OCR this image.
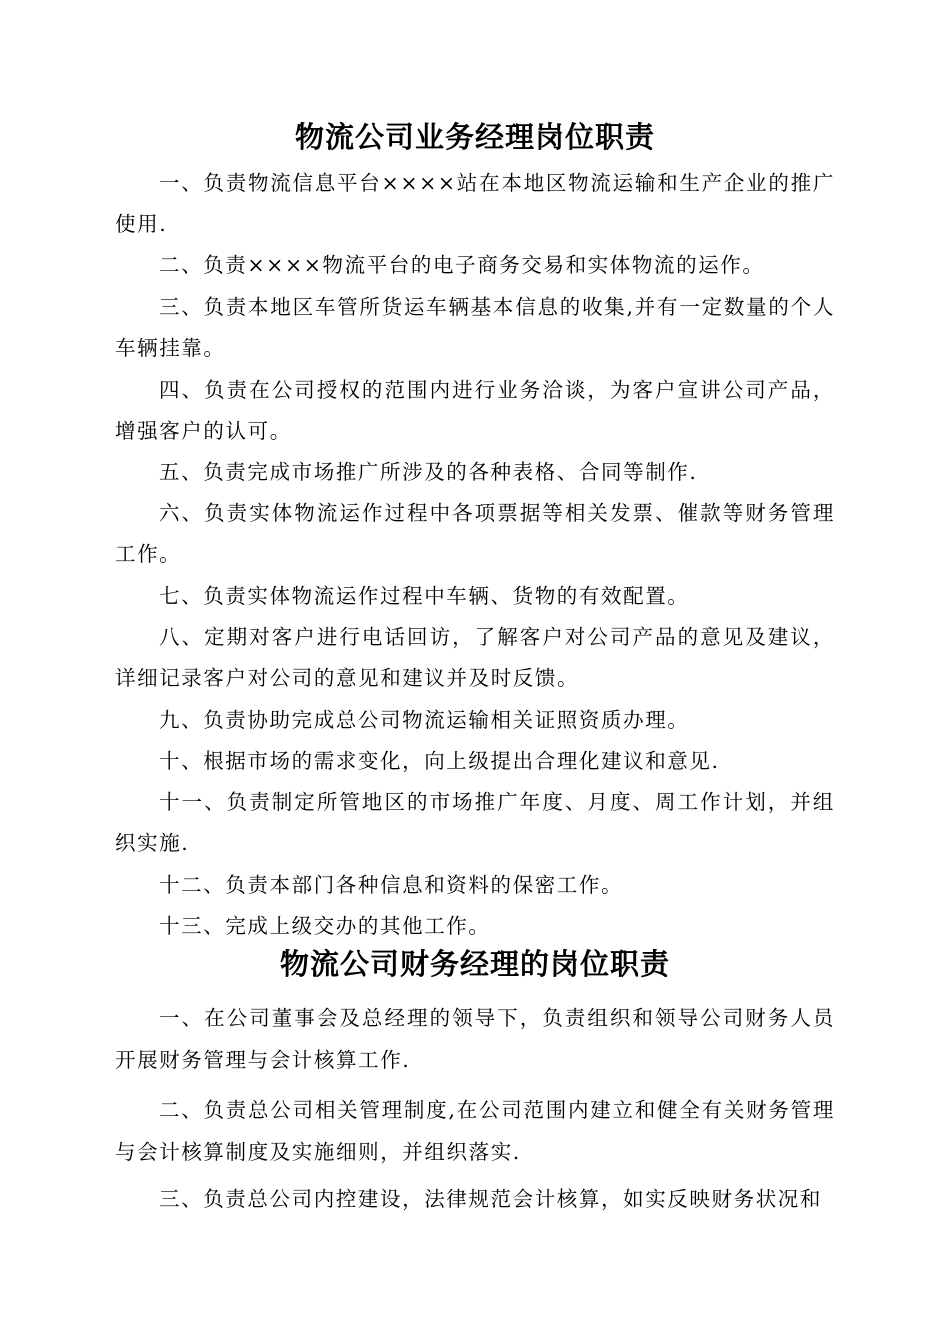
物流公司业务经理岗位职责

一、负责物流信息平台××××站在本地区物流运输和生产企业的推广使用.

二、负责××××物流平台的电子商务交易和实体物流的运作。

三、负责本地区车管所货运车辆基本信息的收集,并有一定数量的个人车辆挂靠。

四、负责在公司授权的范围内进行业务洽谈，为客户宣讲公司产品，增强客户的认可。

五、负责完成市场推广所涉及的各种表格、合同等制作.

六、负责实体物流运作过程中各项票据等相关发票、催款等财务管理工作。

七、负责实体物流运作过程中车辆、货物的有效配置。

八、定期对客户进行电话回访，了解客户对公司产品的意见及建议，详细记录客户对公司的意见和建议并及时反馈。

九、负责协助完成总公司物流运输相关证照资质办理。

十、根据市场的需求变化，向上级提出合理化建议和意见.

十一、负责制定所管地区的市场推广年度、月度、周工作计划，并组织实施.

十二、负责本部门各种信息和资料的保密工作。

十三、完成上级交办的其他工作。

物流公司财务经理的岗位职责

一、在公司董事会及总经理的领导下，负责组织和领导公司财务人员开展财务管理与会计核算工作.

二、负责总公司相关管理制度,在公司范围内建立和健全有关财务管理与会计核算制度及实施细则，并组织落实.

三、负责总公司内控建设，法律规范会计核算，如实反映财务状况和
